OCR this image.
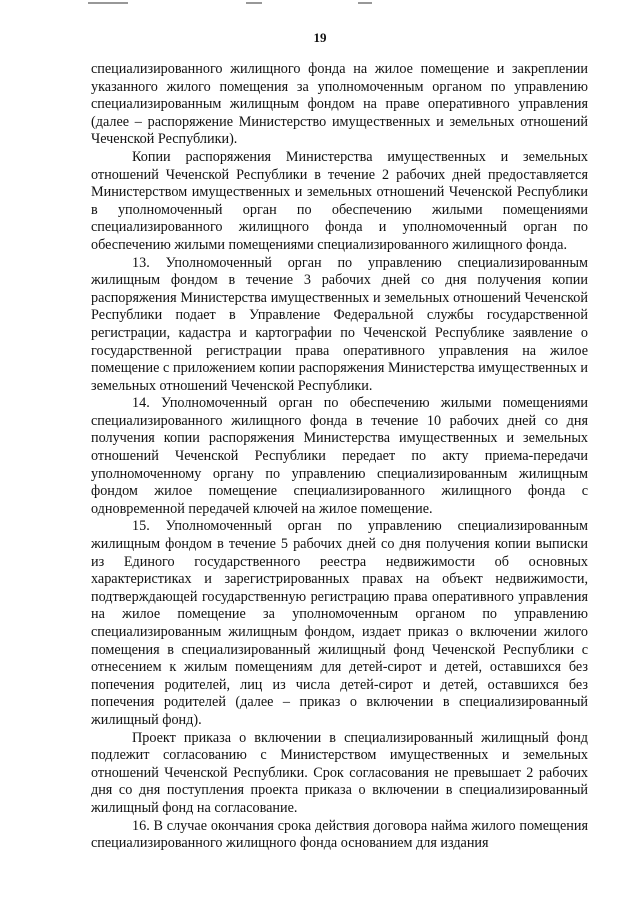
19

специализированного жилищного фонда на жилое помещение и закреплении указанного жилого помещения за уполномоченным органом по управлению специализированным жилищным фондом на праве оперативного управления (далее – распоряжение Министерство имущественных и земельных отношений Чеченской Республики).

Копии распоряжения Министерства имущественных и земельных отношений Чеченской Республики в течение 2 рабочих дней предоставляется Министерством имущественных и земельных отношений Чеченской Республики в уполномоченный орган по обеспечению жилыми помещениями специализированного жилищного фонда и уполномоченный орган по обеспечению жилыми помещениями специализированного жилищного фонда.

13. Уполномоченный орган по управлению специализированным жилищным фондом в течение 3 рабочих дней со дня получения копии распоряжения Министерства имущественных и земельных отношений Чеченской Республики подает в Управление Федеральной службы государственной регистрации, кадастра и картографии по Чеченской Республике заявление о государственной регистрации права оперативного управления на жилое помещение с приложением копии распоряжения Министерства имущественных и земельных отношений Чеченской Республики.

14. Уполномоченный орган по обеспечению жилыми помещениями специализированного жилищного фонда в течение 10 рабочих дней со дня получения копии распоряжения Министерства имущественных и земельных отношений Чеченской Республики передает по акту приема-передачи уполномоченному органу по управлению специализированным жилищным фондом жилое помещение специализированного жилищного фонда с одновременной передачей ключей на жилое помещение.

15. Уполномоченный орган по управлению специализированным жилищным фондом в течение 5 рабочих дней со дня получения копии выписки из Единого государственного реестра недвижимости об основных характеристиках и зарегистрированных правах на объект недвижимости, подтверждающей государственную регистрацию права оперативного управления на жилое помещение за уполномоченным органом по управлению специализированным жилищным фондом, издает приказ о включении жилого помещения в специализированный жилищный фонд Чеченской Республики с отнесением к жилым помещениям для детей-сирот и детей, оставшихся без попечения родителей, лиц из числа детей-сирот и детей, оставшихся без попечения родителей (далее – приказ о включении в специализированный жилищный фонд).

Проект приказа о включении в специализированный жилищный фонд подлежит согласованию с Министерством имущественных и земельных отношений Чеченской Республики. Срок согласования не превышает 2 рабочих дня со дня поступления проекта приказа о включении в специализированный жилищный фонд на согласование.

16. В случае окончания срока действия договора найма жилого помещения специализированного жилищного фонда основанием для издания
